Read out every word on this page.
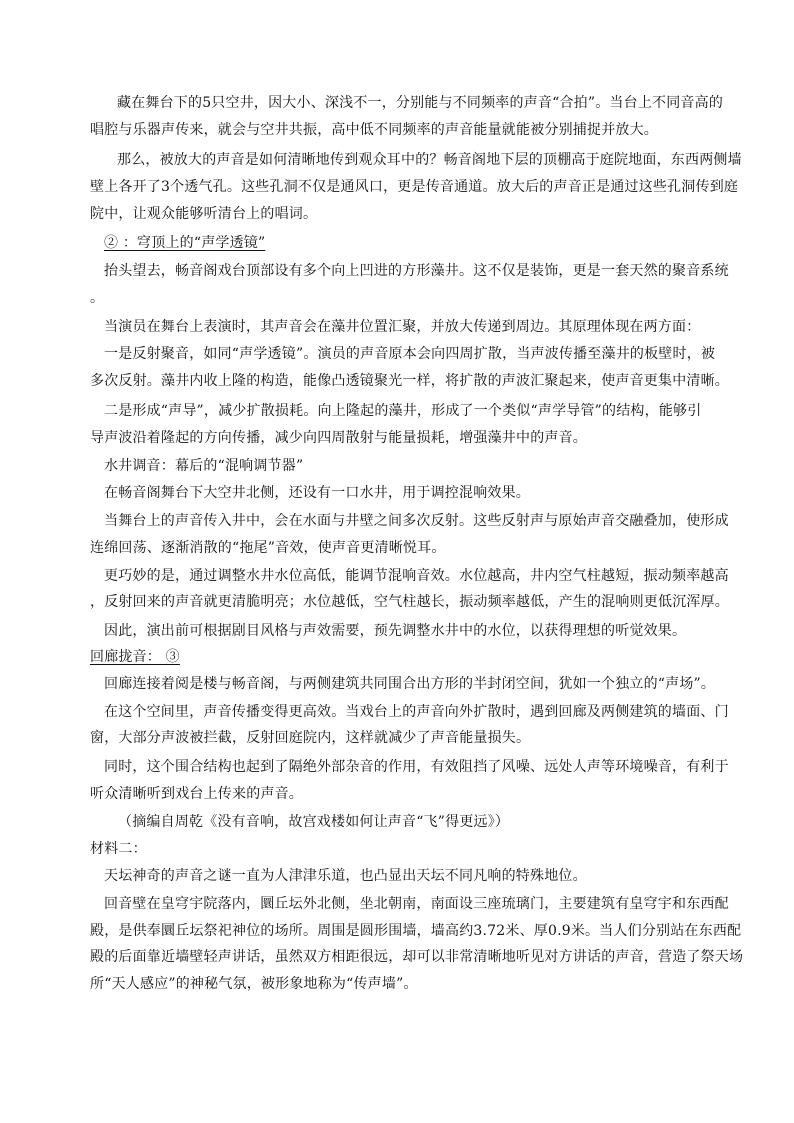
藏在舞台下的5只空井，因大小、深浅不一，分别能与不同频率的声音“合拍”。当台上不同音高的
唱腔与乐器声传来，就会与空井共振，高中低不同频率的声音能量就能被分别捕捉并放大。
那么，被放大的声音是如何清晰地传到观众耳中的？畅音阁地下层的顶棚高于庭院地面，东西两侧墙
壁上各开了3个透气孔。这些孔洞不仅是通风口，更是传音通道。放大后的声音正是通过这些孔洞传到庭
院中，让观众能够听清台上的唱词。
② ：穹顶上的“声学透镜”
抬头望去，畅音阁戏台顶部设有多个向上凹进的方形藻井。这不仅是装饰，更是一套天然的聚音系统
。
当演员在舞台上表演时，其声音会在藻井位置汇聚，并放大传递到周边。其原理体现在两方面：
一是反射聚音，如同“声学透镜”。演员的声音原本会向四周扩散，当声波传播至藻井的板壁时，被
多次反射。藻井内收上隆的构造，能像凸透镜聚光一样，将扩散的声波汇聚起来，使声音更集中清晰。
二是形成“声导”，减少扩散损耗。向上隆起的藻井，形成了一个类似“声学导管”的结构，能够引
导声波沿着隆起的方向传播，减少向四周散射与能量损耗，增强藻井中的声音。
水井调音：幕后的“混响调节器”
在畅音阁舞台下大空井北侧，还设有一口水井，用于调控混响效果。
当舞台上的声音传入井中，会在水面与井壁之间多次反射。这些反射声与原始声音交融叠加，使形成
连绵回荡、逐渐消散的“拖尾”音效，使声音更清晰悦耳。
更巧妙的是，通过调整水井水位高低，能调节混响音效。水位越高，井内空气柱越短，振动频率越高
，反射回来的声音就更清脆明亮；水位越低，空气柱越长，振动频率越低，产生的混响则更低沉浑厚。
因此，演出前可根据剧目风格与声效需要，预先调整水井中的水位，以获得理想的听觉效果。
回廊拢音： ③
回廊连接着阅是楼与畅音阁，与两侧建筑共同围合出方形的半封闭空间，犹如一个独立的“声场”。
在这个空间里，声音传播变得更高效。当戏台上的声音向外扩散时，遇到回廊及两侧建筑的墙面、门
窗，大部分声波被拦截，反射回庭院内，这样就减少了声音能量损失。
同时，这个围合结构也起到了隔绝外部杂音的作用，有效阻挡了风噪、远处人声等环境噪音，有利于
听众清晰听到戏台上传来的声音。
（摘编自周乾《没有音响，故宫戏楼如何让声音“飞”得更远》）
材料二：
天坛神奇的声音之谜一直为人津津乐道，也凸显出天坛不同凡响的特殊地位。
回音壁在皇穹宇院落内，圜丘坛外北侧，坐北朝南，南面设三座琉璃门，主要建筑有皇穹宇和东西配
殿，是供奉圜丘坛祭祀神位的场所。周围是圆形围墙，墙高约3.72米、厚0.9米。当人们分别站在东西配
殿的后面靠近墙壁轻声讲话，虽然双方相距很远，却可以非常清晰地听见对方讲话的声音，营造了祭天场
所“天人感应”的神秘气氛，被形象地称为“传声墙”。
